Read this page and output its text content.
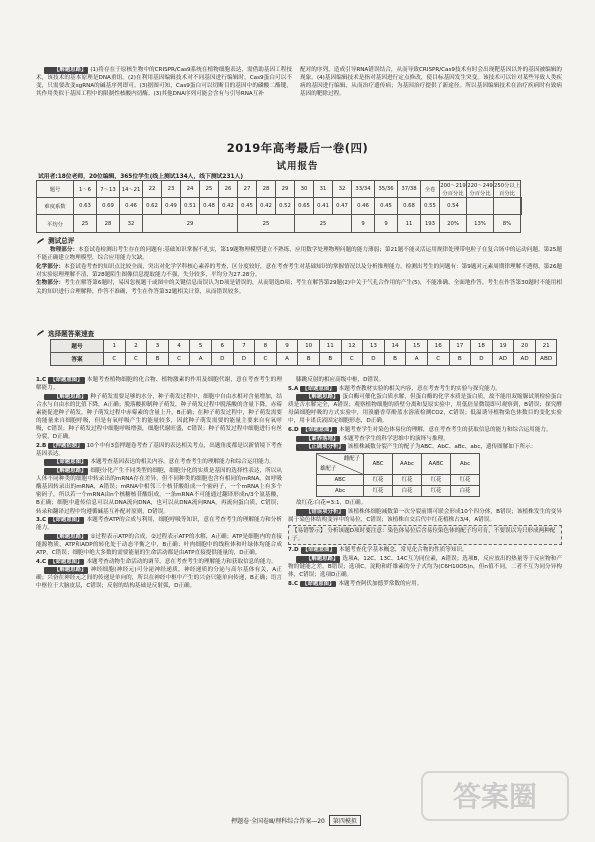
【解题思路】 (1)将存在于原核生物中的CRISPR/Cas9系统在植物细胞表达，需借助基因工程技术，该技术的基本原理是DNA重组。(2)在利用基因编辑技术对不同基因进行编辑时，Cas9蛋白可以不变，只需要改变sgRNA的碱基序列即可。(3)据图可知，Cas9蛋白可以切断目的基因中的磷酸二酯键，其作用类似于基因工程中的限制性核酸内切酶。(3)其他DNA序列可能会含有与引导RNA互补

配对的序列，造成引导RNA错误结合，从而导致CRISPR/Cas9技术有时会出现靶基因以外的基因被编辑的现象。(4)基因编辑技术是指对基因进行定点修改，使目标基因发生突变。该技术可以针对某些导致人类疾病的基因进行编辑，从而治疗遗传病；为基因治疗提供了新途径。所以基因编辑技术在治疗疾病时有致病基因的靶除过程。

2019年高考最后一卷(四)
试用报告
试用者:18位老师，20位编辑，365位学生(线上测试134人，线下测试231人)
题号	1～6	7～13	14～21	22	23	24	25	26	27	28	29	30	31	32	33/34	35/36	37/38	全卷	200～219分百分比	220～249分百分比	250分以上百分比	
难度系数	0.63	0.69	0.46	0.62	0.49	0.51	0.48	0.42	0.45	0.42	0.52	0.65	0.41	0.47	0.46	0.45	0.68	0.55	0.54			
平均分	25	28	32	29					25			25			9	9	11	193	20%	13%	8%	
测试总评

物理部分：本套试卷检测出考生存在的问题有:基础知识掌握不扎实，第19题物理模型建立不熟练，应用数学处理物理问题的能力薄弱；第21题不能灵活运用规律处理带电粒子在复合场中的运动问题，第25题不能正确建立物理模型，综合应用能力欠缺。

化学部分：本套试卷考查的知识点比较全面，突出对化学学科核心素养的考查，区分度较好，意在考查考生对基础知识的掌握情况以及分析推理能力。检测出考生的问题有：第9题对元素周期律理解不透彻，第26题对实验原理理解不清，第28题陌生图像信息提取能力不强，失分较多，平均分为27.28分。

生物部分：考生在解答第6题时，易因忽视题干或图中的关键信息而误认为D项是错误的，从而错选D项；考生在解答第29题(2)中关于气孔合作用的产生(5)，不能准确、全面地作答。考生在作答第30题时不能用相关的知识进行合理解释，作答不准确，考生在作答第32题相关计算，从而错误较多。

选择题答案速查
题号	1	2	3	4	5	6	7	8	9	10	11	12	13	14	15	16	17	18	19	20	21
答案	C	C	B	C	A	D	D	C	A	B	B	C	D	B	A	C	B	D	AD	AD	ABD

1.C 【命题意图】 本题考查植物细胞的化合物、植物激素的作用及细胞代谢，意在考查考生的理解能力。

【解题思路】 种子萌发需要足够的水分，种子萌发过程中，细胞中自由水相对含量增加，结合水与自由水的比值下降，A正确；脱落酸抑制种子萌发，种子萌发过程中脱落酸的含量下降，赤霉素能促进种子萌发，种子萌发过程中赤霉素的含量上升，B正确；在种子萌发过程中，种子萌发需要的能量来自细胞呼吸，但是有氧呼吸产生的能量较多，因此种子萌发需要的能量主要来自有氧呼吸，C错误；种子萌发过程中细胞呼吸增强，细胞代谢旺盛，C错误；种子萌发过程中细胞进行有丝分裂，D正确。

2.B 【押题依据】 10个中有3套押题卷考查了基因的表达相关考点，出题角度都是以新情境下考查基因表达。

【命题意图】 本题考查基因表达的相关内容，意在考查考生的理解能力和综合运用能力。

【解题思路】 细胞分化产生不同类型的细胞，细胞分化的实质是基因的选择性表达，所以从人体不同种类的细胞中转录出的mRNA存在差异，但不同种类的细胞也含有相同的mRNA，如呼吸酶基因转录出的mRNA，A错误；mRNA中相邻三个核苷酸组成一个密码子，一个mRNA上有多个密码子，所以若一个mRNA由n个核糖核苷酸组成，一条mRNA不可能通过翻译形成n/3个氨基酸，B正确；细胞中遗传信息可以从DNA流向DNA，也可以从DNA流向RNA，再流向蛋白质，C错误；转录和翻译过程中均遵循碱基互补配对原则，D错误。

3.C 【命题意图】 本题考查ATP的合成与利用，细胞呼吸等知识，意在考查考生的理解能力和分析能力。

【解题思路】 ①过程表示ATP的合成，②过程表示ATP的水解，A正确；ATP是细胞内的直接能源物质，ATP和ADP的转化处于动态平衡之中，B正确；叶肉细胞中的线粒体和叶绿体均能合成ATP，C错误；细胞中绝大多数的需要能量的生命活动都是由ATP直接提供能量的，D正确。

4.C 【命题意图】 本题考查动物生命活动的调节，意在考查考生的理解能力和获取信息的能力。

【解题思路】 神经细胞(神经元)可分泌神经递质，神经递质的分泌与高尔基体有关，A正确；兴奋在神经元之间的传递是单向的，所以在神经中枢中产生的兴奋只能单向传递，B正确；语言中枢位于大脑皮层，C错误；反射的结构基础是反射弧，D正确。

膝跳反射的相应高级中枢，D错误。

5.A 【命题意图】 本题考查教材实验的相关内容，意在考查考生的实验与探究能力。

【解题思路】 蛋白酶可催化蛋白质水解，但蛋白酶的化学本质是蛋白质，故不能用双缩脲试剂检验蛋白质是否水解完全，A错误；观察植物细胞的质壁分离和复原实验中，用低倍显微镜即可观察到，B错误；探究酵母菌细胞呼吸的方式实验中，用溴麝香草酚蓝水溶液检测CO2，C错误；低温诱导植物染色体数目的变化实验中，用卡诺氏液固定细胞形态，D正确。

6.D 【命题意图】 本题考查学生对染色体易位的理解，意在考查考生的获取信息的能力和综合运用能力。

【素养落地】 本题考查学生的科学思维中的演绎与推理。

【正确项分析】 该植株减数分裂产生的配子为ABC、AbC、aBc、abc，遗传图解如下所示：

雌配子
雄配子	ABC	AAbc	AABC	Abc
ABC	红花	红花	红花	红花
Abc	红花	白花	红花	白花

故红花:白花=3:1，D正确。

【错误项分析】 该植株体细胞减数第一次分裂前期可联会形成10个四分体，B错误；该植株发生的变异属于染色体结构变异中的易位，C错误；该植株自交后代中红花植株占3/4，A错误。

【易错警示】 分析该题D项时要注意：染色体易位后含易位染色体的配子均可育，不要误以为只形成两种配子。

7.D 【命题意图】 本题考查化学基本概念，常见化合物的性质等知识。

【解题思路】 选项A，12C、13C、14C互为同位素，A错误；选项B，反应放出的热量等于反应物和产物的键能之差，B错误；选项C，淀粉和纤维素的分子式均为(C6H10O5)n，但n值不同，二者不互为同分异构体，C错误；选项D正确。

8.C 【命题意图】 本题考查阿伏加德罗常数的应用。

押题卷·全国卷Ⅲ/理科综合答案—20 第四模拟
答案圈
